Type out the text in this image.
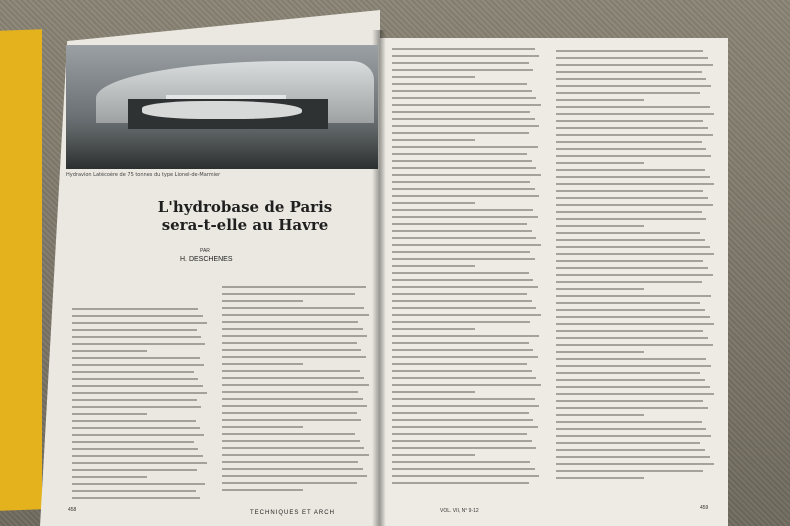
Hydravion Latécoère de 75 tonnes du type Lionel-de-Marmier
L'hydrobase de Paris
sera-t-elle au Havre
PAR
H. DESCHENES
458	TECHNIQUES ET ARCH	VOL. VII, N° 9-12	459
